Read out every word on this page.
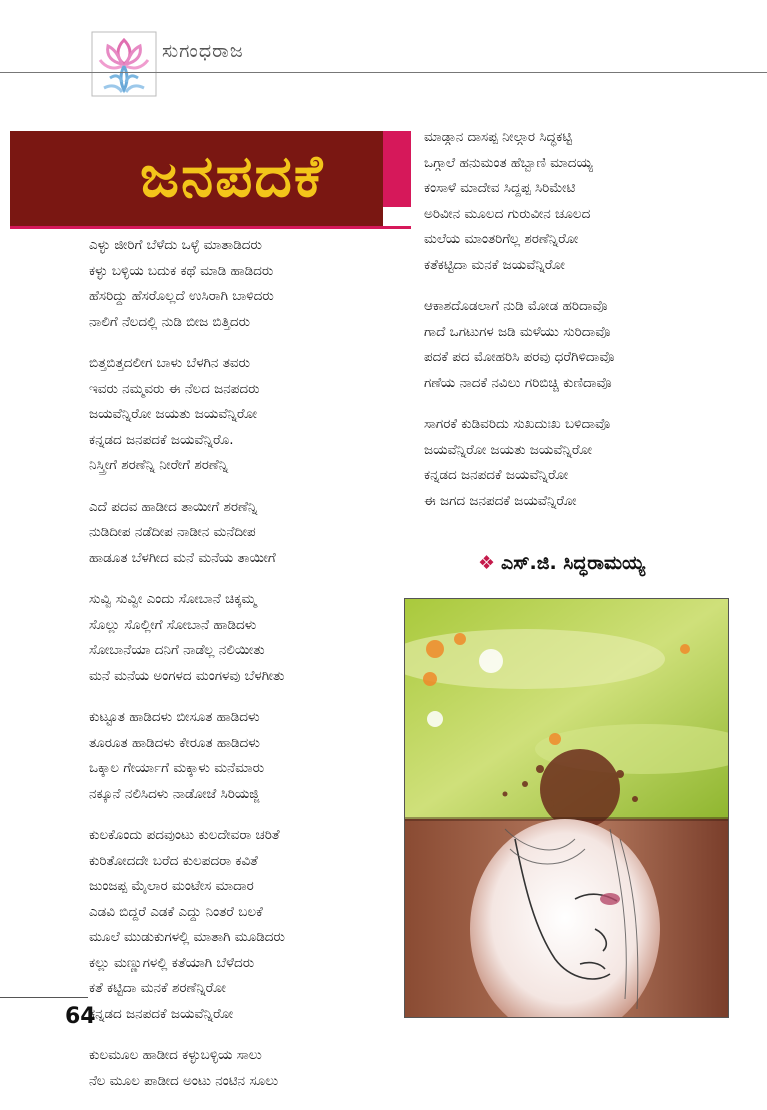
ಸುಗಂಧರಾಜ
ಜನಪದಕೆ
ಎಳ್ಳು ಜೀರಿಗೆ ಬೆಳೆದು ಒಳ್ಳೆ ಮಾತಾಡಿದರು
ಕಳ್ಳು ಬಳ್ಳಿಯ ಬದುಕ ಕಥೆ ಮಾಡಿ ಹಾಡಿದರು
ಹೆಸರಿದ್ದು ಹೆಸರೊಲ್ಲದೆ ಉಸಿರಾಗಿ ಬಾಳಿದರು
ನಾಲಿಗೆ ನೆಲದಲ್ಲಿ ನುಡಿ ಬೀಜ ಬಿತ್ತಿದರು
ಬಿತ್ತಬಿತ್ತದಲೀಗ ಬಾಳು ಬೆಳಗಿನ ತವರು
ಇವರು ನಮ್ಮವರು ಈ ನೆಲದ ಜನಪದರು
ಜಯವೆನ್ನಿರೋ ಜಯತು ಜಯವೆನ್ನಿರೋ
ಕನ್ನಡದ ಜನಪದಕೆ ಜಯವೆನ್ನಿರೊ.
ನಿಸ್ತ್ರೀಗೆ ಶರಣೆನ್ನಿ ನೀರೇಗೆ ಶರಣೆನ್ನಿ
ಎದೆ ಪದವ ಹಾಡೀದ ತಾಯೀಗೆ ಶರಣೆನ್ನಿ
ನುಡಿದೀಪ ನಡೆದೀಪ ನಾಡೀನ ಮನೆದೀಪ
ಹಾಡೂತ ಬೆಳಗೀದ ಮನೆ ಮನೆಯ ತಾಯೀಗೆ
ಸುವ್ವಿ ಸುವ್ವೀ ಎಂದು ಸೋಬಾನೆ ಚಿಕ್ಕಮ್ಮ
ಸೊಲ್ಲು ಸೊಲ್ಲೀಗೆ ಸೋಬಾನೆ ಹಾಡಿದಳು
ಸೋಬಾನೆಯಾ ದನಿಗೆ ನಾಡೆಲ್ಲ ನಲಿಯೀತು
ಮನೆ ಮನೆಯ ಅಂಗಳದ ಮಂಗಳವು ಬೆಳಗೀತು
ಕುಟ್ಟೂತ ಹಾಡಿದಳು ಬೀಸೂತ ಹಾಡಿದಳು
ತೂರೂತ ಹಾಡಿದಳು ಕೇರೂತ ಹಾಡಿದಳು
ಒಕ್ಕಾಲ ಗೇರ್ಯಾಗೆ ಮಕ್ಕಾಳು ಮನೆಮಾರು
ನಕ್ಕೂನೆ ನಲಿಸಿದಳು ನಾಡೋಜೆ ಸಿರಿಯಜ್ಜಿ
ಕುಲಕೊಂದು ಪದವುಂಟು ಕುಲದೇವರಾ ಚರಿತೆ
ಕುರಿತೋದದೇ ಬರೆದ ಕುಲಪದರಾ ಕವಿತೆ
ಜುಂಜಪ್ಪ ಮೈಲಾರ ಮಂಟೇಸ ಮಾದಾರ
ಎಡವಿ ಬಿದ್ದರೆ ಎಡಕೆ ಎದ್ದು ನಿಂತರೆ ಬಲಕೆ
ಮೂಲೆ ಮುಡುಕುಗಳಲ್ಲಿ ಮಾತಾಗಿ ಮೂಡಿದರು
ಕಲ್ಲು ಮಣ್ಣುಗಳಲ್ಲಿ ಕತೆಯಾಗಿ ಬೆಳೆದರು
ಕತೆ ಕಟ್ಟಿದಾ ಮನಕೆ ಶರಣೆನ್ನಿರೋ
ಕನ್ನಡದ ಜನಪದಕೆ ಜಯವೆನ್ನಿರೋ
ಕುಲಮೂಲ ಹಾಡೀದ ಕಳ್ಳುಬಳ್ಳಿಯ ಸಾಲು
ನೆಲ ಮೂಲ ಪಾಡೀದ ಅಂಟು ನಂಟಿನ ಸೂಲು
ಮಾಡ್ಗಾನ ದಾಸಪ್ಪ ನೀಲ್ಗಾರ ಸಿದ್ಧಕಟ್ಟಿ
ಒಗ್ಗಾಲೆ ಹನುಮಂತ ಹೆಬ್ಬಾಣಿ ಮಾದಯ್ಯ
ಕಂಸಾಳೆ ಮಾದೇವ ಸಿದ್ದಪ್ಪ ಸಿರಿಮೇಟಿ
ಅರಿವೀನ ಮೂಲದ ಗುರುವೀನ ಚೂಲದ
ಮಲೆಯ ಮಾಂತರಿಗೆಲ್ಲ ಶರಣೆನ್ನಿರೋ
ಕತೆಕಟ್ಟಿದಾ ಮನಕೆ ಜಯವೆನ್ನಿರೋ
ಆಕಾಶದೊಡಲಾಗೆ ನುಡಿ ಮೋಡ ಹರಿದಾವೊ
ಗಾದೆ ಒಗಟುಗಳ ಜಡಿ ಮಳೆಯು ಸುರಿದಾವೊ
ಪದಕೆ ಪದ ಮೋಹರಿಸಿ ಪರವು ಧರೆಗಿಳಿದಾವೊ
ಗಣೆಯ ನಾದಕೆ ನವಿಲು ಗರಿಬಿಚ್ಚಿ ಕುಣಿದಾವೊ
ಸಾಗರಕೆ ಕುಡಿವರಿದು ಸುಖದುಃಖ ಬಳಿದಾವೊ
ಜಯವೆನ್ನಿರೋ ಜಯತು ಜಯವೆನ್ನಿರೋ
ಕನ್ನಡದ ಜನಪದಕೆ ಜಯವೆನ್ನಿರೋ
ಈ ಜಗದ ಜನಪದಕೆ ಜಯವೆನ್ನಿರೋ
❖ ಎಸ್.ಜಿ. ಸಿದ್ಧರಾಮಯ್ಯ
64
